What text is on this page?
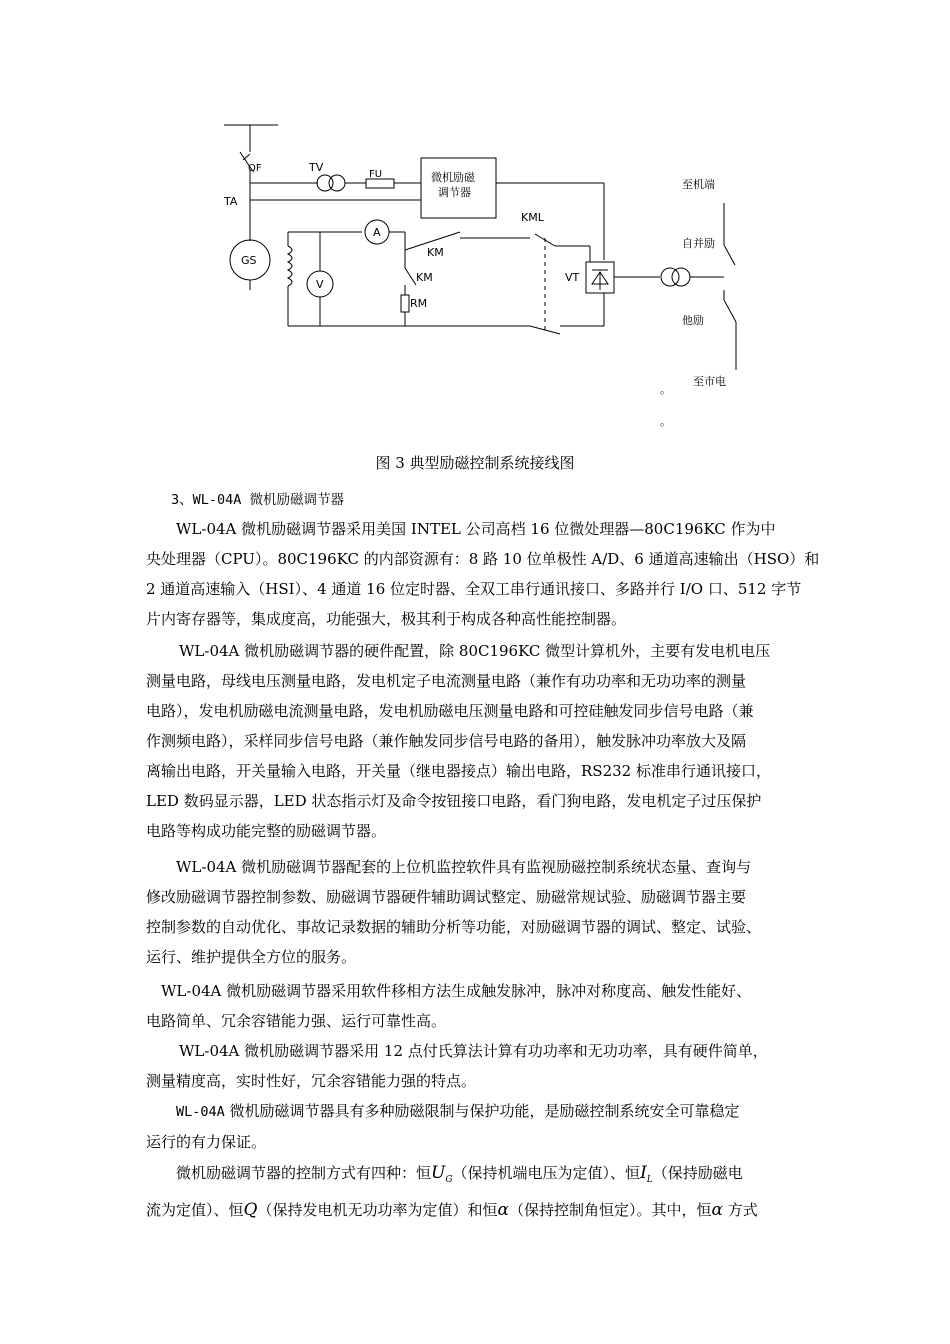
QF
TA
TV
FU	微机励磁
调节器
GS
A
V
KML
KM
KM
RM
VT
至机端
自并励
他励
至市电
。
。
图 3 典型励磁控制系统接线图
3、WL-04A 微机励磁调节器
WL-04A 微机励磁调节器采用美国 INTEL 公司高档 16 位微处理器—80C196KC 作为中
央处理器（CPU）。80C196KC 的内部资源有：8 路 10 位单极性 A/D、6 通道高速输出（HSO）和
2 通道高速输入（HSI）、4 通道 16 位定时器、全双工串行通讯接口、多路并行 I/O 口、512 字节
片内寄存器等，集成度高，功能强大，极其利于构成各种高性能控制器。
WL-04A 微机励磁调节器的硬件配置，除 80C196KC 微型计算机外，主要有发电机电压
测量电路，母线电压测量电路，发电机定子电流测量电路（兼作有功功率和无功功率的测量
电路），发电机励磁电流测量电路，发电机励磁电压测量电路和可控硅触发同步信号电路（兼
作测频电路），采样同步信号电路（兼作触发同步信号电路的备用），触发脉冲功率放大及隔
离输出电路，开关量输入电路，开关量（继电器接点）输出电路，RS232 标准串行通讯接口，
LED 数码显示器，LED 状态指示灯及命令按钮接口电路，看门狗电路，发电机定子过压保护
电路等构成功能完整的励磁调节器。
WL-04A 微机励磁调节器配套的上位机监控软件具有监视励磁控制系统状态量、查询与
修改励磁调节器控制参数、励磁调节器硬件辅助调试整定、励磁常规试验、励磁调节器主要
控制参数的自动优化、事故记录数据的辅助分析等功能，对励磁调节器的调试、整定、试验、
运行、维护提供全方位的服务。
WL-04A 微机励磁调节器采用软件移相方法生成触发脉冲，脉冲对称度高、触发性能好、
电路简单、冗余容错能力强、运行可靠性高。
WL-04A 微机励磁调节器采用 12 点付氏算法计算有功功率和无功功率，具有硬件简单，
测量精度高，实时性好，冗余容错能力强的特点。
WL-04A 微机励磁调节器具有多种励磁限制与保护功能，是励磁控制系统安全可靠稳定
运行的有力保证。
微机励磁调节器的控制方式有四种：恒$U_G$（保持机端电压为定值）、恒$I_L$（保持励磁电
流为定值）、恒Q（保持发电机无功功率为定值）和恒α（保持控制角恒定）。其中，恒α 方式
